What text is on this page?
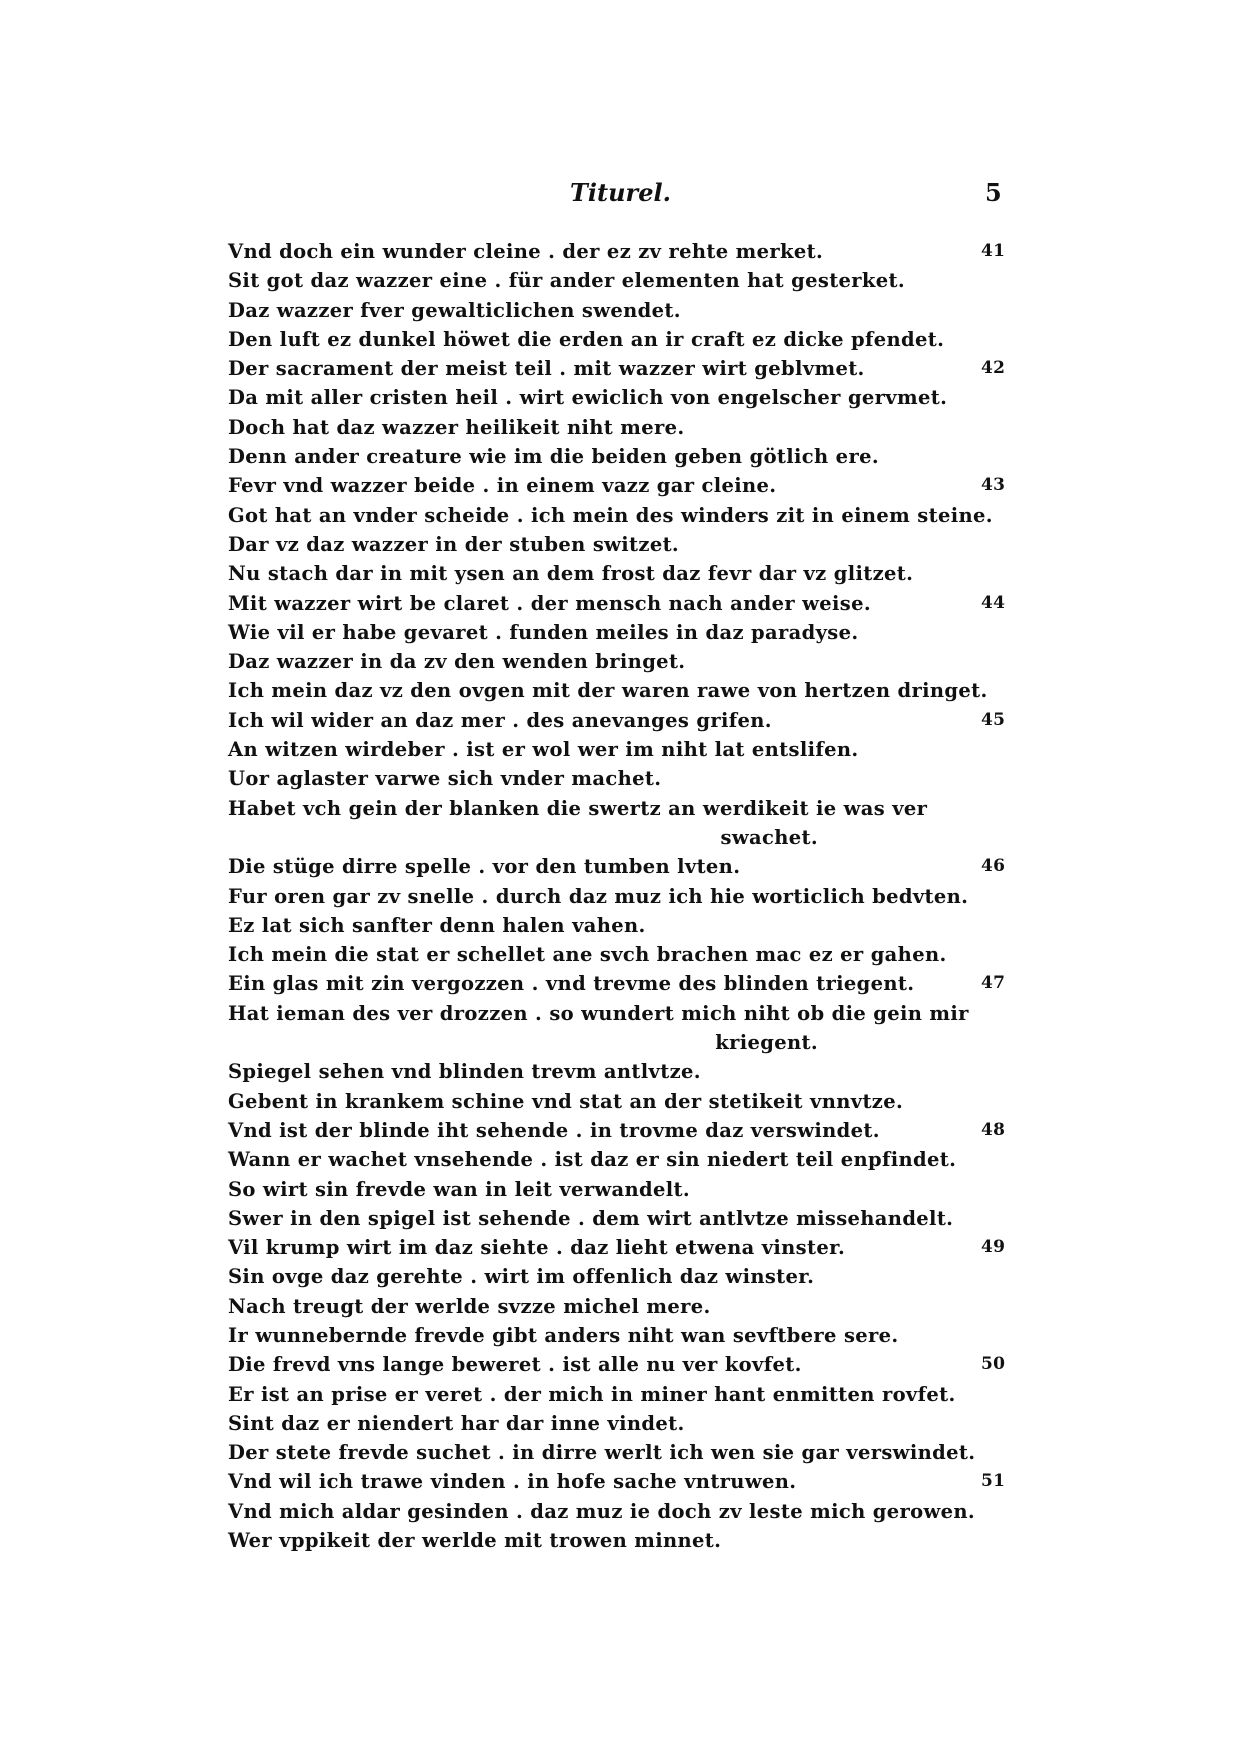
Titurel.	5
Vnd doch ein wunder cleine . der ez zv rehte merket.	41
Sit got daz wazzer eine . für ander elementen hat gesterket.
Daz wazzer fver gewalticlichen swendet.
Den luft ez dunkel höwet die erden an ir craft ez dicke pfendet.
Der sacrament der meist teil . mit wazzer wirt geblvmet.	42
Da mit aller cristen heil . wirt ewiclich von engelscher gervmet.
Doch hat daz wazzer heilikeit niht mere.
Denn ander creature wie im die beiden geben götlich ere.
Fevr vnd wazzer beide . in einem vazz gar cleine.	43
Got hat an vnder scheide . ich mein des winders zit in einem steine.
Dar vz daz wazzer in der stuben switzet.
Nu stach dar in mit ysen an dem frost daz fevr dar vz glitzet.
Mit wazzer wirt be claret . der mensch nach ander weise.	44
Wie vil er habe gevaret . funden meiles in daz paradyse.
Daz wazzer in da zv den wenden bringet.
Ich mein daz vz den ovgen mit der waren rawe von hertzen dringet.
Ich wil wider an daz mer . des anevanges grifen.	45
An witzen wirdeber . ist er wol wer im niht lat entslifen.
Uor aglaster varwe sich vnder machet.
Habet vch gein der blanken die swertz an werdikeit ie was ver
swachet.
Die stüge dirre spelle . vor den tumben lvten.	46
Fur oren gar zv snelle . durch daz muz ich hie worticlich bedvten.
Ez lat sich sanfter denn halen vahen.
Ich mein die stat er schellet ane svch brachen mac ez er gahen.
Ein glas mit zin vergozzen . vnd trevme des blinden triegent.	47
Hat ieman des ver drozzen . so wundert mich niht ob die gein mir
kriegent.
Spiegel sehen vnd blinden trevm antlvtze.
Gebent in krankem schine vnd stat an der stetikeit vnnvtze.
Vnd ist der blinde iht sehende . in trovme daz verswindet.	48
Wann er wachet vnsehende . ist daz er sin niedert teil enpfindet.
So wirt sin frevde wan in leit verwandelt.
Swer in den spigel ist sehende . dem wirt antlvtze missehandelt.
Vil krump wirt im daz siehte . daz lieht etwena vinster.	49
Sin ovge daz gerehte . wirt im offenlich daz winster.
Nach treugt der werlde svzze michel mere.
Ir wunnebernde frevde gibt anders niht wan sevftbere sere.
Die frevd vns lange beweret . ist alle nu ver kovfet.	50
Er ist an prise er veret . der mich in miner hant enmitten rovfet.
Sint daz er niendert har dar inne vindet.
Der stete frevde suchet . in dirre werlt ich wen sie gar verswindet.
Vnd wil ich trawe vinden . in hofe sache vntruwen.	51
Vnd mich aldar gesinden . daz muz ie doch zv leste mich gerowen.
Wer vppikeit der werlde mit trowen minnet.
